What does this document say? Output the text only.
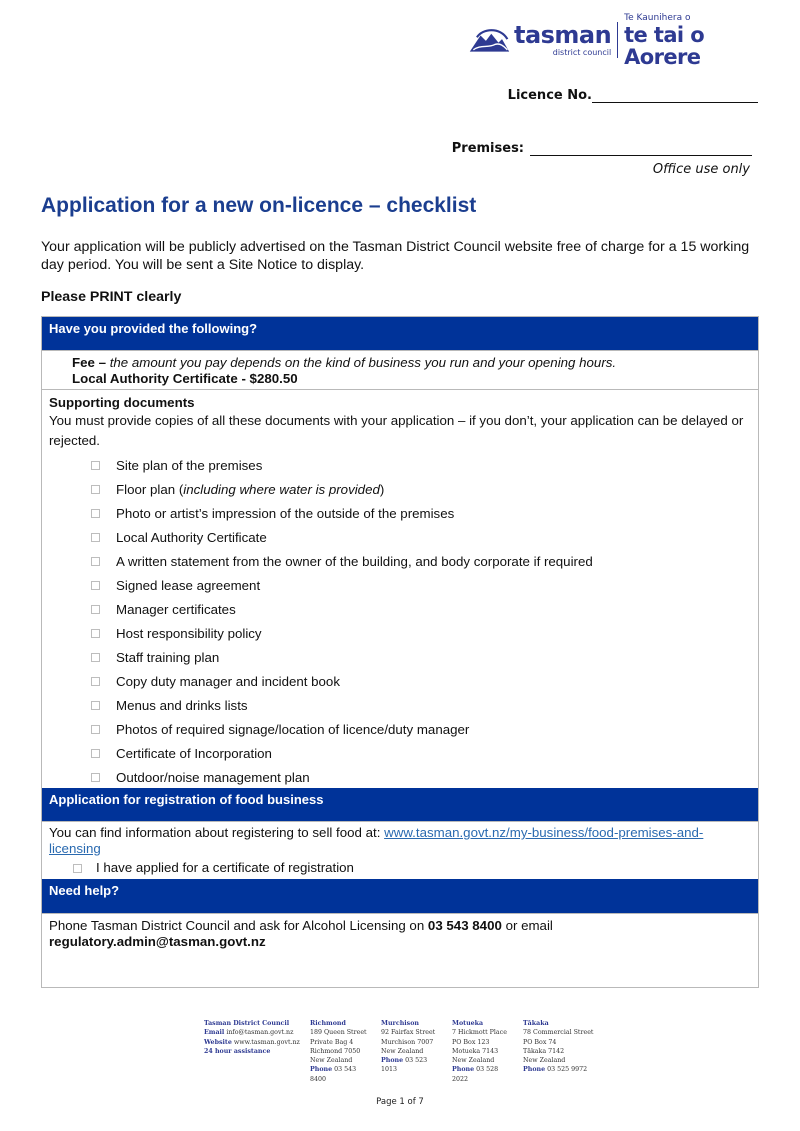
tasman
district council
Te Kaunihera o
te tai o Aorere
Licence No.
Premises:
Office use only
Application for a new on-licence – checklist

Your application will be publicly advertised on the Tasman District Council website free of charge for a 15 working day period. You will be sent a Site Notice to display.

Please PRINT clearly

Have you provided the following?
Fee – the amount you pay depends on the kind of business you run and your opening hours.
Local Authority Certificate - $280.50
Supporting documents
You must provide copies of all these documents with your application – if you don’t, your application can be delayed or rejected.
Site plan of the premises
Floor plan (including where water is provided)
Photo or artist’s impression of the outside of the premises
Local Authority Certificate
A written statement from the owner of the building, and body corporate if required
Signed lease agreement
Manager certificates
Host responsibility policy
Staff training plan
Copy duty manager and incident book
Menus and drinks lists
Photos of required signage/location of licence/duty manager
Certificate of Incorporation
Outdoor/noise management plan
Application for registration of food business
You can find information about registering to sell food at: www.tasman.govt.nz/my-business/food-premises-and-licensing
I have applied for a certificate of registration
Need help?
Phone Tasman District Council and ask for Alcohol Licensing on 03 543 8400 or email
regulatory.admin@tasman.govt.nz
Tasman District Council
Email info@tasman.govt.nz
Website www.tasman.govt.nz
24 hour assistance
Richmond
189 Queen Street
Private Bag 4
Richmond 7050
New Zealand
Phone 03 543 8400
Murchison
92 Fairfax Street
Murchison 7007
New Zealand
Phone 03 523 1013
Motueka
7 Hickmott Place
PO Box 123
Motueka 7143
New Zealand
Phone 03 528 2022
Tākaka
78 Commercial Street
PO Box 74
Tākaka 7142
New Zealand
Phone 03 525 9972
Page 1 of 7
